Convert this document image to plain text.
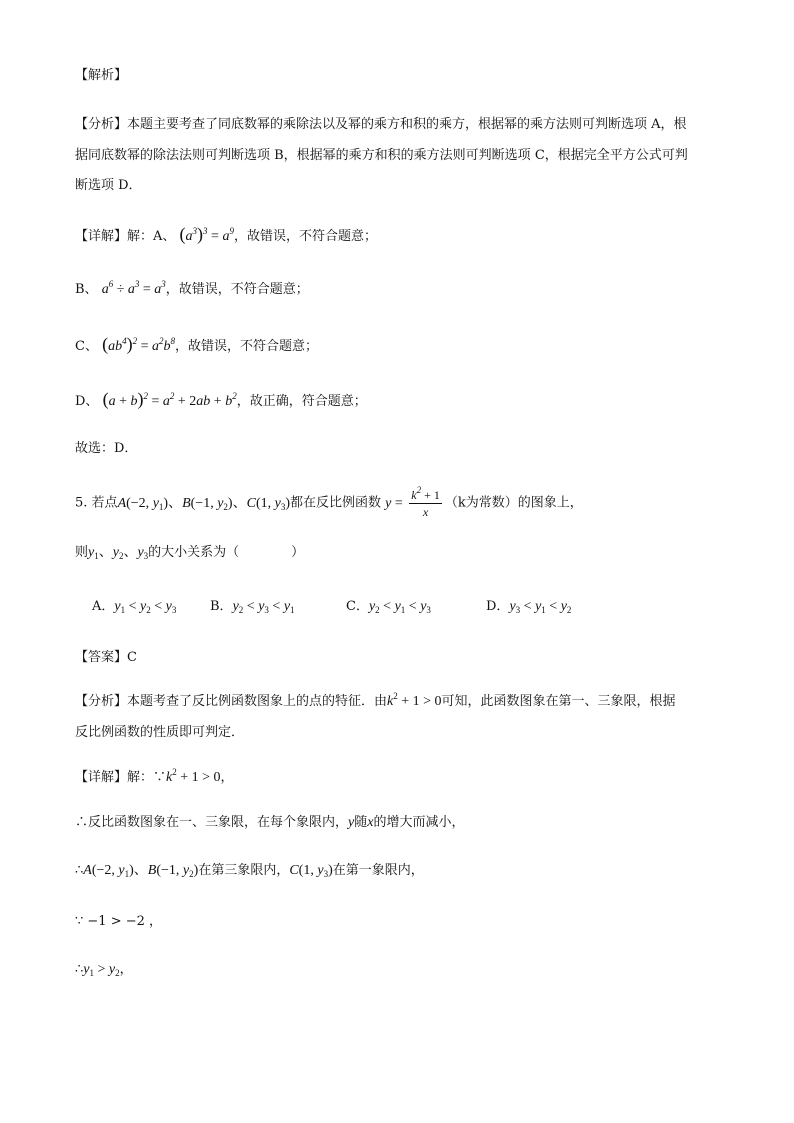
【解析】
【分析】本题主要考查了同底数幂的乘除法以及幂的乘方和积的乘方，根据幂的乘方法则可判断选项 A，根
据同底数幂的除法法则可判断选项 B，根据幂的乘方和积的乘方法则可判断选项 C，根据完全平方公式可判
断选项 D．
【详解】解：A、 $(a^3)^3 = a^9$，故错误，不符合题意；
B、 $a^6 \div a^3 = a^3$，故错误，不符合题意；
C、 $(ab^4)^2 = a^2b^8$，故错误，不符合题意；
D、 $(a + b)^2 = a^2 + 2ab + b^2$，故正确，符合题意；
故选：D．
5. 若点A(−2, $y_1$)、B(−1, $y_2$)、C(1, $y_3$)都在反比例函数 $y = \frac{k^2 + 1}{x} (k$为常数）的图象上，
则$y_1$、$y_2$、$y_3$的大小关系为（　　　　）
A．$y_1 < y_2 < y_3$	B．$y_2 < y_3 < y_1$	C．$y_2 < y_1 < y_3$	D．$y_3 < y_1 < y_2$
【答案】C
【分析】本题考查了反比例函数图象上的点的特征．由$k^2 + 1 > 0$可知，此函数图象在第一、三象限，根据
反比例函数的性质即可判定．
【详解】解：$\because k^2 + 1 > 0$，
∴反比函数图象在一、三象限，在每个象限内，y随x的增大而减小，
∴A(−2, $y_1$)、B(−1, $y_2$)在第三象限内，C(1, $y_3$)在第一象限内，
∵ −1 > −2 ，
$\therefore y_1 > y_2$，
